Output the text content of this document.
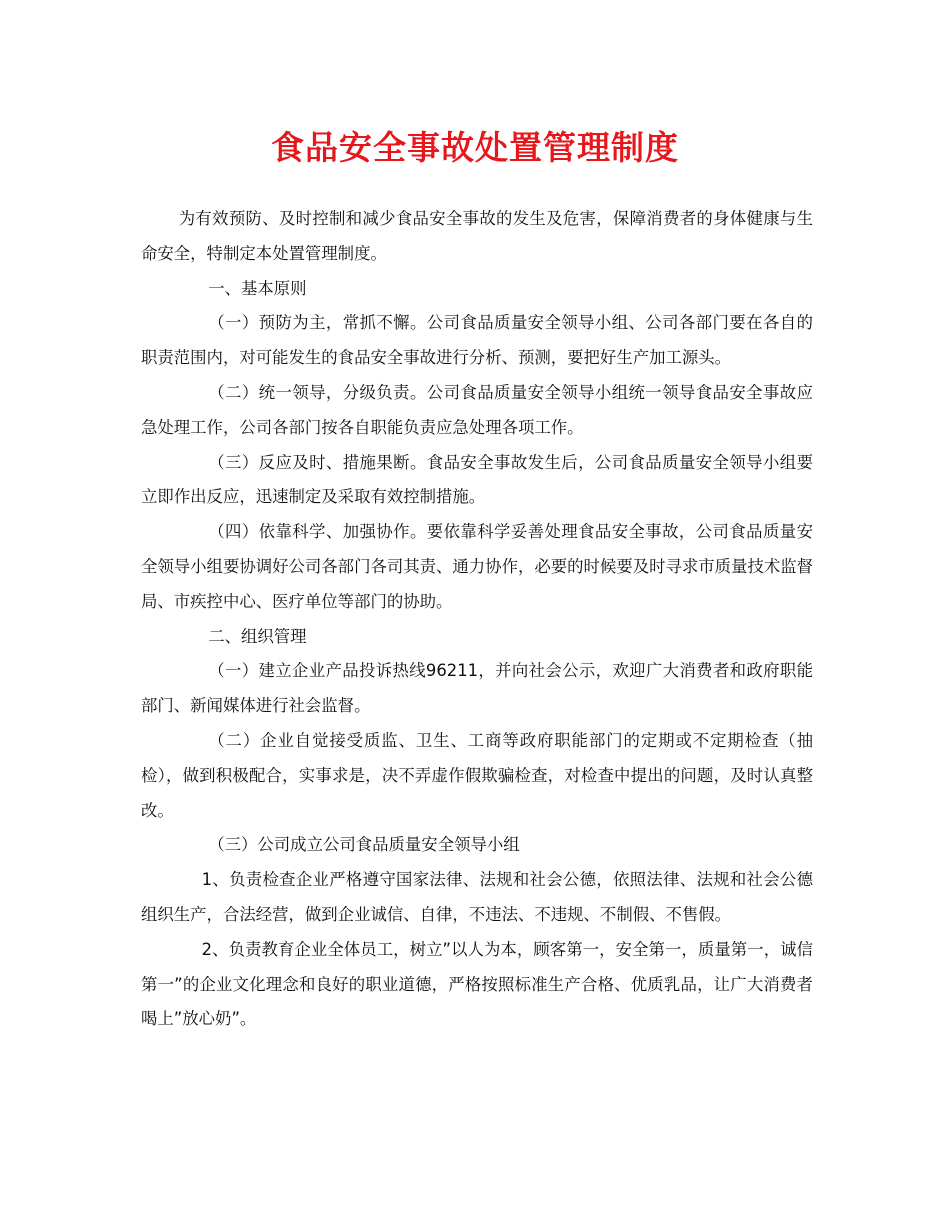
食品安全事故处置管理制度

为有效预防、及时控制和减少食品安全事故的发生及危害，保障消费者的身体健康与生命安全，特制定本处置管理制度。

一、基本原则

（一）预防为主，常抓不懈。公司食品质量安全领导小组、公司各部门要在各自的职责范围内，对可能发生的食品安全事故进行分析、预测，要把好生产加工源头。

（二）统一领导，分级负责。公司食品质量安全领导小组统一领导食品安全事故应急处理工作，公司各部门按各自职能负责应急处理各项工作。

（三）反应及时、措施果断。食品安全事故发生后，公司食品质量安全领导小组要立即作出反应，迅速制定及采取有效控制措施。

（四）依靠科学、加强协作。要依靠科学妥善处理食品安全事故，公司食品质量安全领导小组要协调好公司各部门各司其责、通力协作，必要的时候要及时寻求市质量技术监督局、市疾控中心、医疗单位等部门的协助。

二、组织管理

（一）建立企业产品投诉热线96211，并向社会公示，欢迎广大消费者和政府职能部门、新闻媒体进行社会监督。

（二）企业自觉接受质监、卫生、工商等政府职能部门的定期或不定期检查（抽检），做到积极配合，实事求是，决不弄虚作假欺骗检查，对检查中提出的问题，及时认真整改。

（三）公司成立公司食品质量安全领导小组

1、负责检查企业严格遵守国家法律、法规和社会公德，依照法律、法规和社会公德组织生产，合法经营，做到企业诚信、自律，不违法、不违规、不制假、不售假。

2、负责教育企业全体员工，树立”以人为本，顾客第一，安全第一，质量第一，诚信第一”的企业文化理念和良好的职业道德，严格按照标准生产合格、优质乳品，让广大消费者喝上”放心奶”。
